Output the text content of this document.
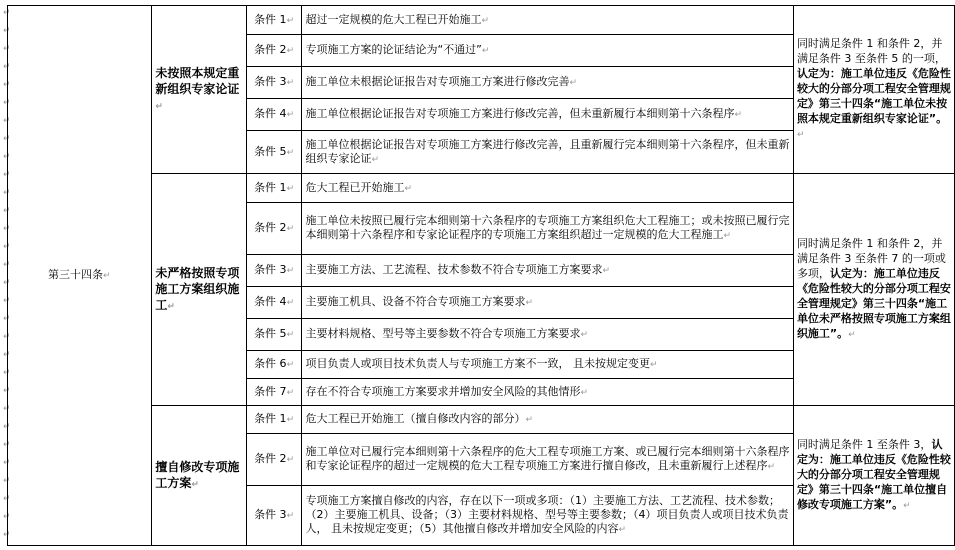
↵
↵
↵
↵
↵
↵
↵
↵
↵
↵
↵
↵
↵
↵
↵
↵
↵
↵
↵
↵
↵
↵
↵
↵
↵
↵
↵
↵
↵
↵
第三十四条↵	未按照本规定重新组织专家论证↵	条件 1↵	超过一定规模的危大工程已开始施工↵	同时满足条件 1 和条件 2，并满足条件 3 至条件 5 的一项，认定为：施工单位违反《危险性较大的分部分项工程安全管理规定》第三十四条“施工单位未按照本规定重新组织专家论证”。↵
		条件 2↵	专项施工方案的论证结论为“不通过”↵	
		条件 3↵	施工单位未根据论证报告对专项施工方案进行修改完善↵	
		条件 4↵	施工单位根据论证报告对专项施工方案进行修改完善，但未重新履行本细则第十六条程序↵	
		条件 5↵	施工单位根据论证报告对专项施工方案进行修改完善，且重新履行完本细则第十六条程序，但未重新组织专家论证↵	
	未严格按照专项施工方案组织施工↵	条件 1↵	危大工程已开始施工↵	同时满足条件 1 和条件 2，并满足条件 3 至条件 7 的一项或多项，认定为：施工单位违反《危险性较大的分部分项工程安全管理规定》第三十四条“施工单位未严格按照专项施工方案组织施工”。↵
		条件 2↵	施工单位未按照已履行完本细则第十六条程序的专项施工方案组织危大工程施工；或未按照已履行完本细则第十六条程序和专家论证程序的专项施工方案组织超过一定规模的危大工程施工↵	
		条件 3↵	主要施工方法、工艺流程、技术参数不符合专项施工方案要求↵	
		条件 4↵	主要施工机具、设备不符合专项施工方案要求↵	
		条件 5↵	主要材料规格、型号等主要参数不符合专项施工方案要求↵	
		条件 6↵	项目负责人或项目技术负责人与专项施工方案不一致， 且未按规定变更↵	
		条件 7↵	存在不符合专项施工方案要求并增加安全风险的其他情形↵	
	擅自修改专项施工方案↵	条件 1↵	危大工程已开始施工（擅自修改内容的部分）↵	同时满足条件 1 至条件 3，认定为：施工单位违反《危险性较大的分部分项工程安全管理规定》第三十四条“施工单位擅自修改专项施工方案”。↵
		条件 2↵	施工单位对已履行完本细则第十六条程序的危大工程专项施工方案、或已履行完本细则第十六条程序和专家论证程序的超过一定规模的危大工程专项施工方案进行擅自修改，且未重新履行上述程序↵	
		条件 3↵	专项施工方案擅自修改的内容，存在以下一项或多项：（1）主要施工方法、工艺流程、技术参数；（2）主要施工机具、设备；（3）主要材料规格、型号等主要参数；（4）项目负责人或项目技术负责人， 且未按规定变更；（5）其他擅自修改并增加安全风险的内容↵	
